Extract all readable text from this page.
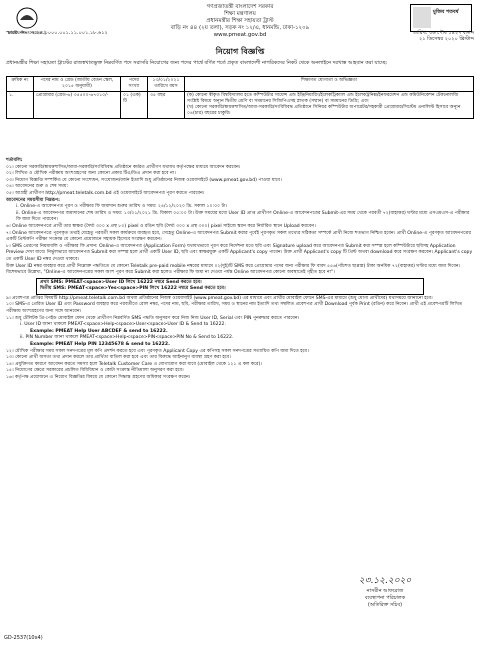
নমন্ত্রীর শিক্ষা সহায়তা ট্রা
গণপ্রজাতন্ত্রী বাংলাদেশ সরকার
শিক্ষা মন্ত্রণালয়
প্রধানমন্ত্রীর শিক্ষা সহায়তা ট্রাস্ট
বাড়ি নং ৪৪ (২য় তলা), সড়ক নং ১২/এ, ধানমন্ডি, ঢাকা-১২০৯
www.pmeat.gov.bd
মুজিব শতবর্ষ
স্মারক নং- ৩৭.২৪.০০০০.০০১.১১.০০১.১৮.৬১২	তারিখ: ০৬ পৌষ ১৪২৭ বঙ্গাব্দ
২১ ডিসেম্বর ২০২০ খ্রিস্টাব্দ
নিয়োগ বিজ্ঞপ্তি
প্রধানমন্ত্রীর শিক্ষা সহায়তা ট্রাস্টের রাজস্বখাতভুক্ত নিম্নবর্ণিত পদে সরাসরি নিয়োগের জন্য পদের পার্শ্বে বর্ণিত শর্তে প্রকৃত বাংলাদেশী নাগরিকদের নিকট থেকে অনলাইনে দরখাস্ত আহবান করা যাচ্ছে:
ক্রমিক নং	পদের নাম ও গ্রেড (জাতীয় বেতন স্কেল, ২০১৫ অনুযায়ী)	পদের সংখ্যা	১৩/০১/২০২১ তারিখে বয়স	শিক্ষাগত যোগ্যতা ও অভিজ্ঞতা
১.	প্রোগ্রামার (গ্রেড-৬) ৩৫৫০০-৬৭০১০/-	০১ (এক) টি	৩৫ বছর	(ক) কোনো স্বীকৃত বিশ্ববিদ্যালয় হতে কম্পিউটার সায়েন্স এন্ড ইঞ্জিনিয়ারিং/ইলেকট্রিক্যাল এন্ড ইলেকট্রনিক্স/ইনফরমেশন এন্ড কমিউনিকেশন টেকনোলজি সংশ্লিষ্ট বিষয়ে অন্যূন দ্বিতীয় শ্রেণি বা সমমানের সিজিপিএসহ স্নাতক (সম্মান) বা সমমানের ডিগ্রি; এবং
(খ) কোনো সরকারি/স্বায়ত্তশাসিত/আধা-সরকারি/সংবিধিবদ্ধ প্রতিষ্ঠানে সিনিয়র কম্পিউটার অপারেটর/সহকারী প্রোগ্রামার/সিস্টেম এনালিস্ট হিসাবে অন্যূন ০৪(চার) বছরের চাকুরি।

শর্তাবলি:

০১। কোনো সরকারি/স্বায়ত্তশাসিত/আধা-সরকারি/সংবিধিবদ্ধ প্রতিষ্ঠানে কর্মরত প্রার্থীগণ যথাযথ কর্তৃপক্ষের মাধ্যমে আবেদন করবেন।

০২। লিখিত ও মৌখিক পরীক্ষায় অংশগ্রহণের জন্য কোনো প্রকার টিএ/ডিএ প্রদান করা হবে না।

০৩। নিয়োগ বিজ্ঞপ্তি সম্পর্কিত যে কোনো সংশোধন, সংযোজন/বর্জন ইত্যাদি শুধু প্রতিষ্ঠানের নিজস্ব ওয়েবসাইটে (www.pmeat.gov.bd) পাওয়া যাবে।

০৪। আবেদনের শুরু ও শেষ সময়:

০৫। আগ্রহী প্রার্থীগণ http://pmeat.teletalk.com.bd এই ওয়েবসাইটে আবেদনপত্র পূরণ করতে পারবেন।

আবেদনের সময়সীমা নিম্নরূপ:

i. Online-এ আবেদনপত্র পূরণ ও পরীক্ষার ফি জমাদান শুরুর তারিখ ও সময়: ২৪/১২/২০২০ খ্রি. সকাল ১০:০০ টা।

ii. Online-এ আবেদনপত্র জমাদানের শেষ তারিখ ও সময়: ১৩/০১/২০২১ খ্রি. বিকাল ০৫:০০ টা। উক্ত সময়ের মধ্যে User ID প্রাপ্ত প্রার্থীগণ Online-এ আবেদনপত্রের Submit-এর সময় থেকে পরবর্তী ৭২(বাহাত্তর) ঘণ্টার মধ্যে এসএমএস-এ পরীক্ষার ফি জমা দিতে পারবেন।

৬। Online আবেদনপত্রে প্রার্থী তার স্বাক্ষর (দৈর্ঘ্য ৩০০ x প্রস্থ ৮০) pixel ও রঙিন ছবি (দৈর্ঘ্য ৩০০ x প্রস্থ ৩০০) pixel সাইজে স্ক্যান করে নির্ধারিত স্থানে Upload করবেন।

৭। Online আবেদনপত্রে পূরণকৃত তথ্যই যেহেতু পরবর্তী সকল কার্যক্রমে ব্যবহৃত হবে, সেহেতু Online-এ আবেদনপত্র Submit করার পূর্বেই পূরণকৃত সকল তথ্যের সঠিকতা সম্পর্কে প্রার্থী নিজে শতভাগ নিশ্চিত হবেন। প্রার্থী Online-এ পূরণকৃত আবেদনপত্রের একটি প্রিন্টকপি পরীক্ষা সংক্রান্ত যে কোনো প্রয়োজনে সহায়ক হিসেবে সংরক্ষণ করবেন।

৮। SMS প্রেরণের নিয়মাবলি ও পরীক্ষার ফি প্রদান: Online-এ আবেদনপত্র (Application Form) যথাযথভাবে পূরণ করে নির্দেশনা মতে ছবি এবং Signature upload করে আবেদনপত্র Submit করা সম্পন্ন হলে কম্পিউটারে ছবিসহ Application Preview দেখা যাবে। নির্ভুলভাবে আবেদনপত্র Submit করা সম্পন্ন হলে প্রার্থী একটি User ID, ছবি এবং স্বাক্ষরযুক্ত একটি Applicant's copy পাবেন। উক্ত প্রার্থী Applicant's copy টি প্রিন্ট অথবা download করে সংরক্ষণ করবেন। Applicant's copy তে একটি User ID নম্বর দেওয়া থাকবে।

উক্ত User ID নম্বর ব্যবহার করে প্রার্থী নিম্নোক্ত পদ্ধতিতে যে কোনো Teletalk pre-paid mobile নম্বরের মাধ্যমে ০২(দুই)টি SMS করে প্রোগ্রামার পদের জন্য পরীক্ষার ফি বাবদ ৫৫৬(পাঁচশত ছাপ্পান্ন) টাকা অনধিক ৭২(বাহাত্তর) ঘণ্টার মধ্যে জমা দিবেন। বিশেষভাবে উল্লেখ্য, "Online-এ আবেদনপত্রের সকল অংশ পূরণ করে Submit করা হলেও পরীক্ষার ফি জমা না দেওয়া পর্যন্ত Online আবেদনপত্র কোনো অবস্থাতেই গৃহীত হবে না"।

প্রথম SMS: PMEAT<space>User ID লিখে 16222 নম্বরে Send করতে হবে।

দ্বিতীয় SMS: PMEAT<space>Yes<space>PIN লিখে 16222 নম্বরে Send করতে হবে।

৯। প্রবেশপত্র প্রাপ্তির বিষয়টি http://pmeat.teletalk.com.bd অথবা প্রতিষ্ঠানের নিজস্ব ওয়েবসাইট (www.pmeat.gov.bd) এর মাধ্যমে এবং প্রার্থীর মোবাইল ফোনে SMS-এর মাধ্যমে (শুধু যোগ্য প্রার্থীদের) যথাসময়ে জানানো হবে।

১০। SMS-এ প্রেরিত User ID এবং Password ব্যবহার করে পরবর্তীতে রোল নম্বর, পদের নাম, ছবি, পরীক্ষার তারিখ, সময় ও স্থানের নাম ইত্যাদি তথ্য সম্বলিত প্রবেশপত্র প্রার্থী Download পূর্বক Print (রঙিন) করে নিবেন। প্রার্থী এই প্রবেশপত্রটি লিখিত পরীক্ষায় অংশগ্রহণের জন্য সঙ্গে আনবেন।

১১। শুধু টেলিটক প্রি-পেইড মোবাইল ফোন থেকে প্রার্থীগণ নিম্নবর্ণিত SMS পদ্ধতি অনুসরণ করে নিজ নিজ User ID, Serial এবং PIN পুনরুদ্ধার করতে পারবেন।

i. User ID জানা থাকলে PMEAT<space>Help<space>User<space>User ID & Send to 16222.

Example: PMEAT Help User ABCDEF & send to 16222.

ii. PIN Number জানা থাকলে PMEAT<space>Help<space>PIN<space>PIN No & Send to 16222.

Example: PMEAT Help PIN 12345678 & send to 16222.

১২। মৌখিক পরীক্ষার সময় সকল সনদপত্রের মূল কপি প্রদর্শন করতে হবে এবং পূরণকৃত Applicant Copy এর কপিসহ সকল সনদপত্রের সত্যায়িত কপি জমা দিতে হবে।

১৩। কোনো প্রার্থী অসত্য তথ্য প্রদান করলে তার প্রার্থিতা বাতিল করা হবে এবং তার বিরুদ্ধে আইনানুগ ব্যবস্থা গ্রহণ করা হবে।

১৪। প্রযুক্তিগত কারণে আবেদন করতে সমস্যা হলে Teletalk Customer Care এ যোগাযোগ করা যাবে (মোবাইল থেকে ১২১ এ কল করে)।

১৫। নিয়োগের ক্ষেত্রে সরকারের প্রচলিত বিধিবিধান ও কোটা সংক্রান্ত নীতিমালা অনুসরণ করা হবে।

১৬। কর্তৃপক্ষ প্রয়োজনে এ নিয়োগ বিজ্ঞপ্তির বিষয়ে যে কোনো সিদ্ধান্ত গ্রহণের অধিকার সংরক্ষণ করেন।

২৩.১২.২০২০
নাসরীন আফরোজ
ব্যবস্থাপনা পরিচালক
(অতিরিক্ত সচিব)
GD-2537(10x4)
